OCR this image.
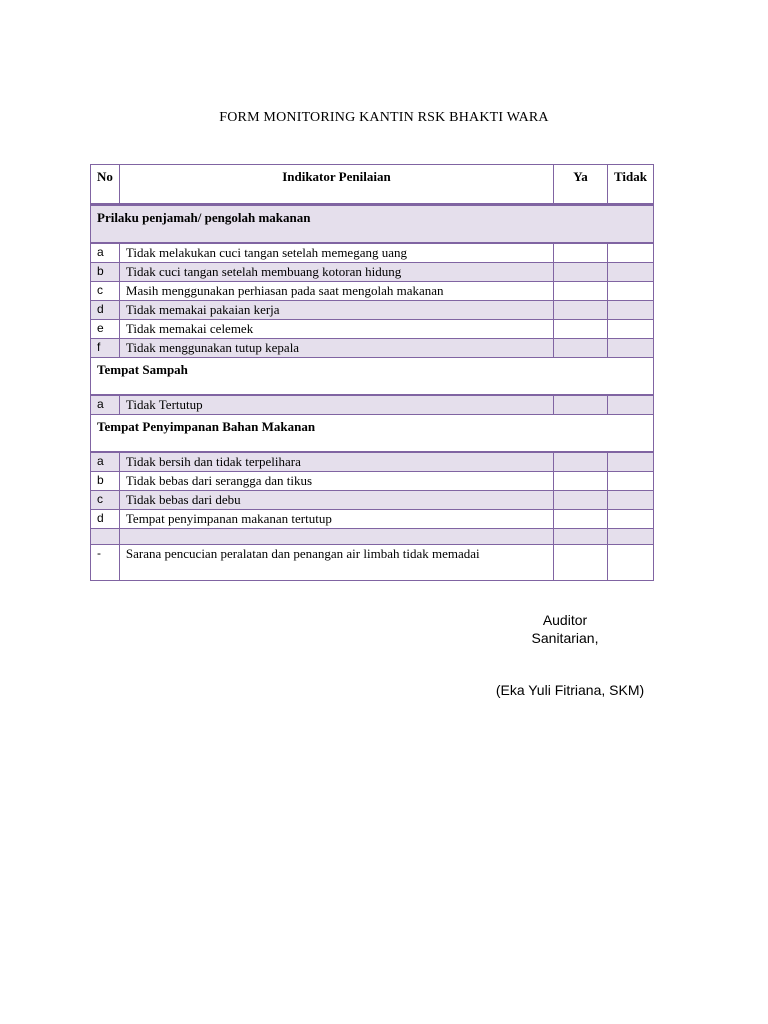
FORM MONITORING KANTIN RSK BHAKTI WARA
No	Indikator Penilaian	Ya	Tidak
Prilaku penjamah/ pengolah makanan			
a	Tidak melakukan cuci tangan setelah memegang uang		
b	Tidak cuci tangan setelah membuang kotoran hidung		
c	Masih menggunakan perhiasan pada saat mengolah makanan		
d	Tidak memakai pakaian kerja		
e	Tidak memakai celemek		
f	Tidak menggunakan tutup kepala		
Tempat Sampah			
a	Tidak Tertutup		
Tempat Penyimpanan Bahan Makanan			
a	Tidak bersih dan tidak terpelihara		
b	Tidak bebas dari serangga dan tikus		
c	Tidak bebas dari debu		
d	Tempat penyimpanan makanan tertutup		

-	Sarana pencucian peralatan dan penangan air limbah tidak memadai		
Auditor
Sanitarian,
(Eka Yuli Fitriana, SKM)
